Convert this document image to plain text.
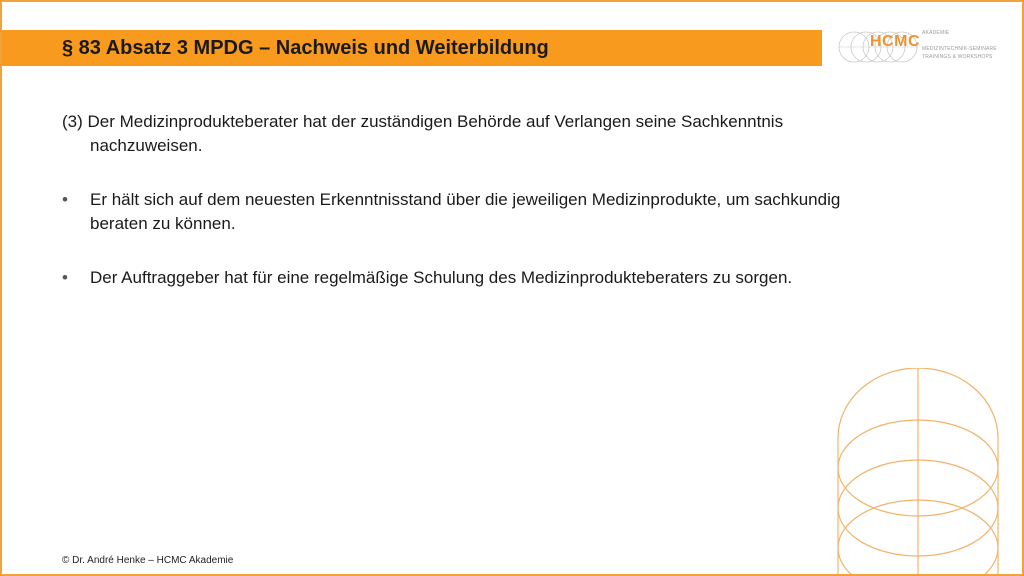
§ 83 Absatz 3 MPDG – Nachweis und Weiterbildung	HCMC AKADEMIE
MEDIZINTECHNIK-SEMINARE
TRAININGS & WORKSHOPS
(3) Der Medizinprodukteberater hat der zuständigen Behörde auf Verlangen seine Sachkenntnis
nachzuweisen.
•	Er hält sich auf dem neuesten Erkenntnisstand über die jeweiligen Medizinprodukte, um sachkundig
beraten zu können.
•	Der Auftraggeber hat für eine regelmäßige Schulung des Medizinprodukteberaters zu sorgen.
© Dr. André Henke – HCMC Akademie
